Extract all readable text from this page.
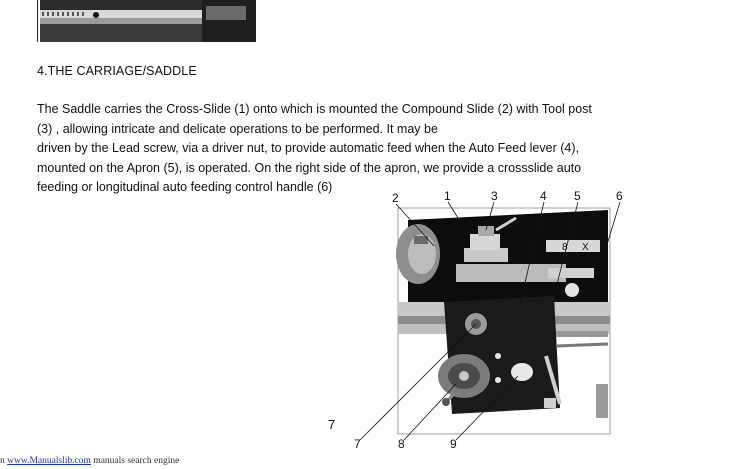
4.THE CARRIAGE/SADDLE

The Saddle carries the Cross-Slide (1) onto which is mounted the Compound Slide (2) with Tool post
(3) , allowing intricate and delicate operations to be performed. It may be
driven by the Lead screw, via a driver nut, to provide automatic feed when the Auto Feed lever (4),
mounted on the Apron (5), is operated. On the right side of the apron, we provide a crossslide auto
feeding or longitudinal auto feeding control handle (6)

8 X
2	1	3	4 5	6
7	8	9
7
n www.Manualslib.com manuals search engine
